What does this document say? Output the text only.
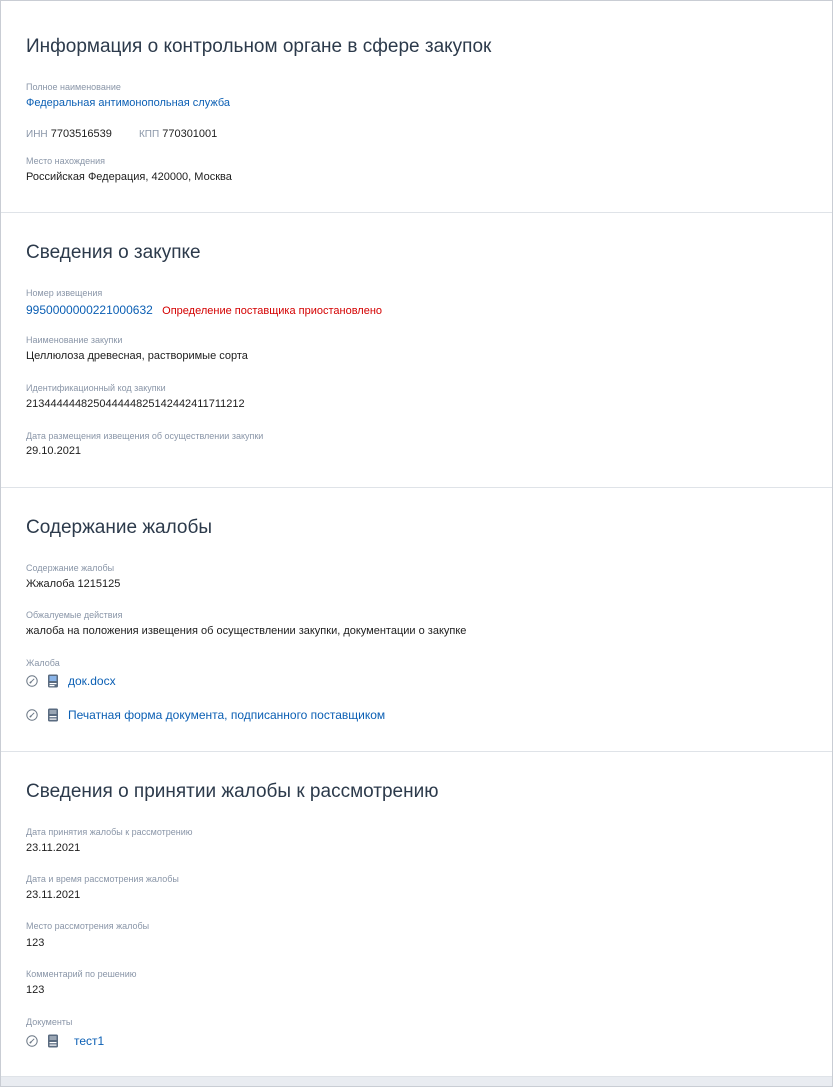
Информация о контрольном органе в сфере закупок
Полное наименование
Федеральная антимонопольная служба
ИНН 7703516539	КПП 770301001
Место нахождения
Российская Федерация, 420000, Москва
Сведения о закупке
Номер извещения
9950000000221000632 Определение поставщика приостановлено
Наименование закупки
Целлюлоза древесная, растворимые сорта
Идентификационный код закупки
213444444825044444825142442411711212
Дата размещения извещения об осуществлении закупки
29.10.2021
Содержание жалобы
Содержание жалобы
Жжалоба 1215125
Обжалуемые действия
жалоба на положения извещения об осуществлении закупки, документации о закупке
Жалоба
док.docx
Печатная форма документа, подписанного поставщиком
Сведения о принятии жалобы к рассмотрению
Дата принятия жалобы к рассмотрению
23.11.2021
Дата и время рассмотрения жалобы
23.11.2021
Место рассмотрения жалобы
123
Комментарий по решению
123
Документы
тест1
